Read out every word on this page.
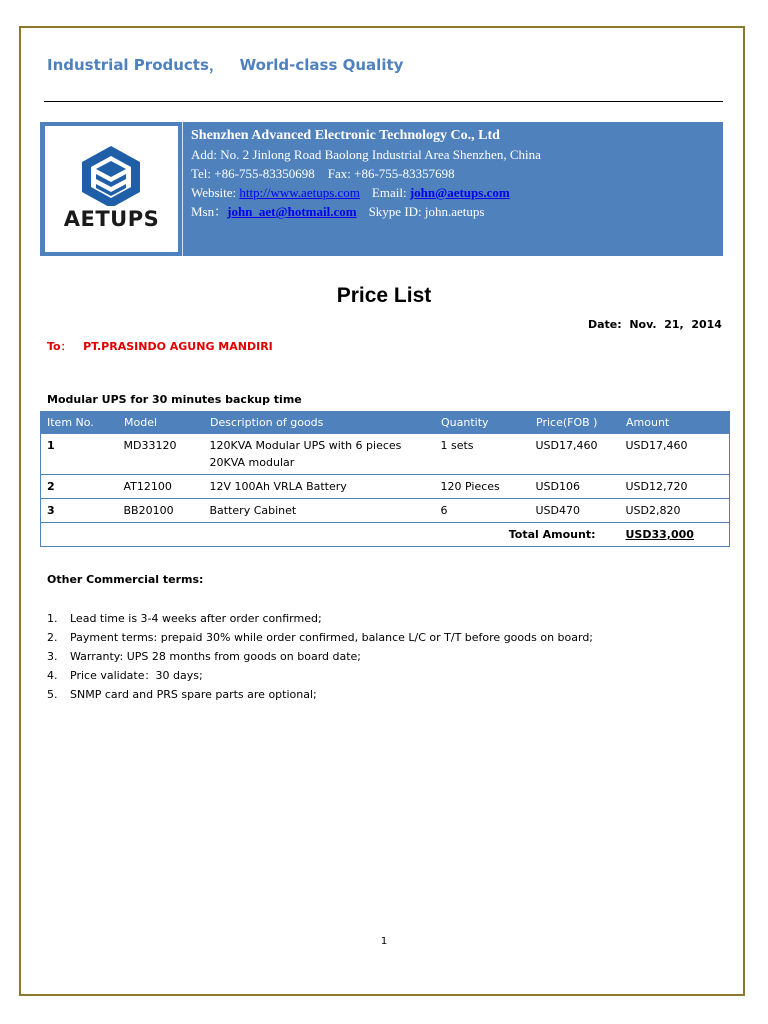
Industrial Products，   World-class Quality
AETUPS
Shenzhen Advanced Electronic Technology Co., Ltd
Add: No. 2 Jinlong Road Baolong Industrial Area Shenzhen, China
Tel: +86-755-83350698    Fax: +86-755-83357698
Website: http://www.aetups.com Email: john@aetups.com
Msn：john_aet@hotmail.com Skype ID: john.aetups
Price List
Date:  Nov.  21,  2014
To： PT.PRASINDO AGUNG MANDIRI
Modular UPS for 30 minutes backup time
Item No.	Model	Description of goods	Quantity	Price(FOB )	Amount
1	MD33120	120KVA Modular UPS with 6 pieces
20KVA modular	1 sets	USD17,460	USD17,460
2	AT12100	12V 100Ah VRLA Battery	120 Pieces	USD106	USD12,720
3	BB20100	Battery Cabinet	6	USD470	USD2,820
Total Amount:					USD33,000
Other Commercial terms:
1. Lead time is 3-4 weeks after order confirmed;
2. Payment terms: prepaid 30% while order confirmed, balance L/C or T/T before goods on board;
3. Warranty: UPS 28 months from goods on board date;
4. Price validate：30 days;
5. SNMP card and PRS spare parts are optional;
1
